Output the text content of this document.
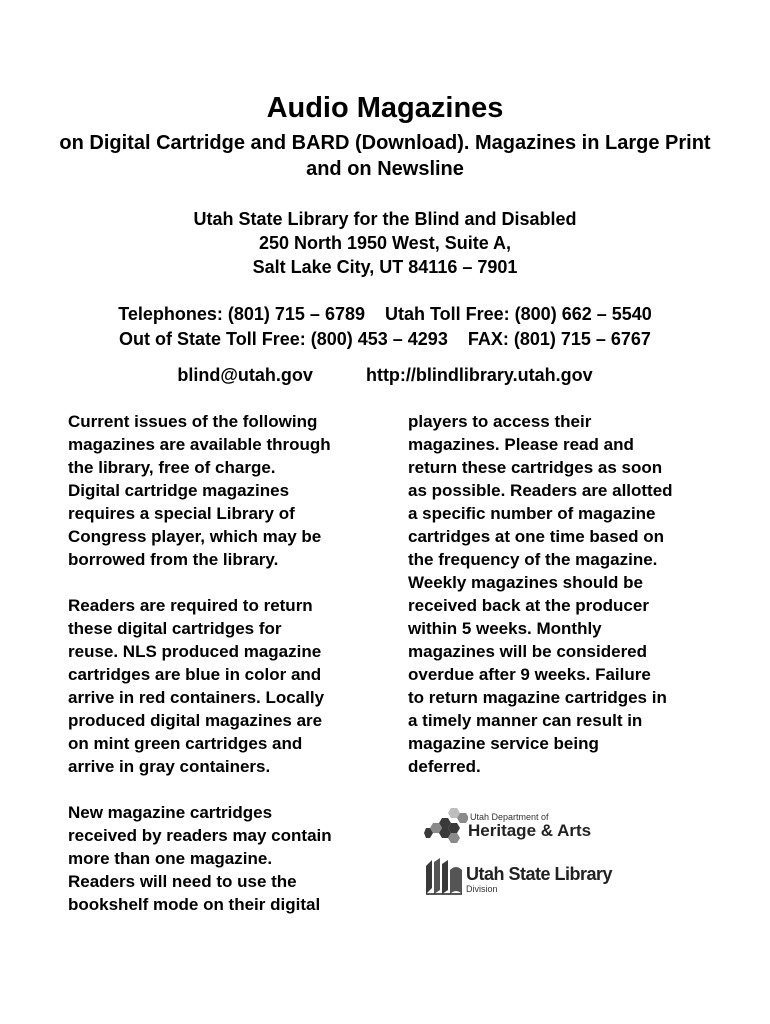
Audio Magazines
on Digital Cartridge and BARD (Download). Magazines in Large Print and on Newsline
Utah State Library for the Blind and Disabled
250 North 1950 West, Suite A,
Salt Lake City, UT 84116 – 7901
Telephones: (801) 715 – 6789    Utah Toll Free: (800) 662 – 5540
Out of State Toll Free: (800) 453 – 4293    FAX: (801) 715 – 6767
blind@utah.gov	http://blindlibrary.utah.gov

Current issues of the following
magazines are available through
the library, free of charge.
Digital cartridge magazines
requires a special Library of
Congress player, which may be
borrowed from the library.

Readers are required to return
these digital cartridges for
reuse. NLS produced magazine
cartridges are blue in color and
arrive in red containers. Locally
produced digital magazines are
on mint green cartridges and
arrive in gray containers.

New magazine cartridges
received by readers may contain
more than one magazine.
Readers will need to use the
bookshelf mode on their digital

players to access their
magazines. Please read and
return these cartridges as soon
as possible. Readers are allotted
a specific number of magazine
cartridges at one time based on
the frequency of the magazine.
Weekly magazines should be
received back at the producer
within 5 weeks. Monthly
magazines will be considered
overdue after 9 weeks. Failure
to return magazine cartridges in
a timely manner can result in
magazine service being
deferred.

Utah Department of
Heritage & Arts
Utah State Library
Division
